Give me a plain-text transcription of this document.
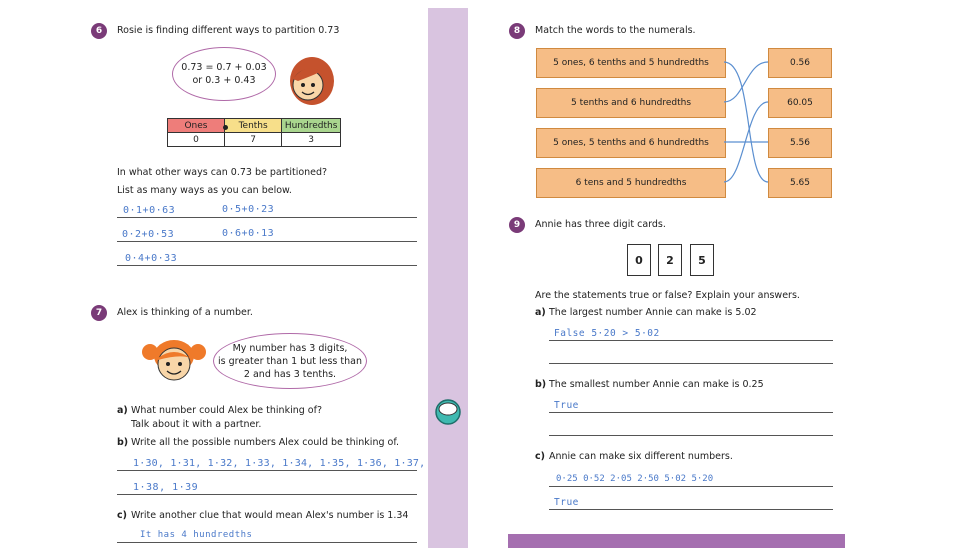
6	Rosie is finding different ways to partition 0.73
0.73 = 0.7 + 0.03
or 0.3 + 0.43
Ones	Tenths	Hundredths
0	7	3
In what other ways can 0.73 be partitioned?
List as many ways as you can below.
0·1+0·63	0·5+0·23
0·2+0·53	0·6+0·13
0·4+0·33
7	Alex is thinking of a number.
My number has 3 digits,
is greater than 1 but less than
2 and has 3 tenths.
a) What number could Alex be thinking of?
Talk about it with a partner.
b) Write all the possible numbers Alex could be thinking of.
1·30, 1·31, 1·32, 1·33, 1·34, 1·35, 1·36, 1·37,
1·38, 1·39
c) Write another clue that would mean Alex's number is 1.34
It has 4 hundredths
8	Match the words to the numerals.
5 ones, 6 tenths and 5 hundredths
5 tenths and 6 hundredths
5 ones, 5 tenths and 6 hundredths
6 tens and 5 hundredths
0.56
60.05
5.56
5.65
9	Annie has three digit cards.
0	2	5
Are the statements true or false? Explain your answers.
a) The largest number Annie can make is 5.02
False 5·20 > 5·02
b) The smallest number Annie can make is 0.25
True
c) Annie can make six different numbers.
0·25 0·52 2·05 2·50 5·02 5·20
True
